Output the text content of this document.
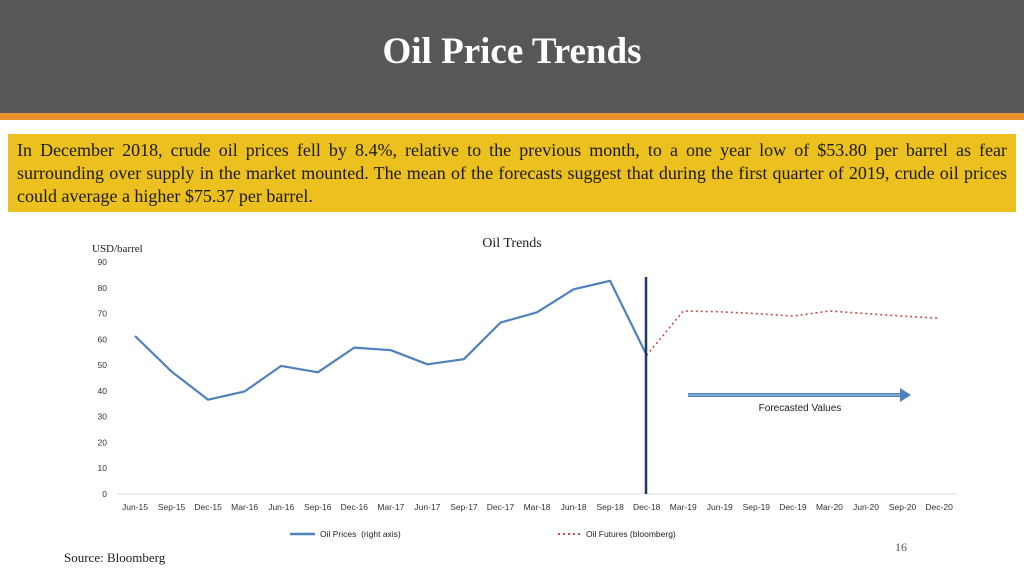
Oil Price Trends

In December 2018, crude oil prices fell by 8.4%, relative to the previous month, to a one year low of $53.80 per barrel as fear surrounding over supply in the market mounted. The mean of the forecasts suggest that during the first quarter of 2019, crude oil prices could average a higher $75.37 per barrel.

Oil Trends
USD/barrel
0
10
20
30
40
50
60
70
80
90
Jun-15 Sep-15 Dec-15 Mar-16 Jun-16 Sep-16 Dec-16 Mar-17 Jun-17 Sep-17 Dec-17 Mar-18 Jun-18 Sep-18 Dec-18 Mar-19 Jun-19 Sep-19 Dec-19 Mar-20 Jun-20 Sep-20 Dec-20
Forecasted Values
Oil Prices  (right axis)	Oil Futures (bloomberg)
Source: Bloomberg
16
